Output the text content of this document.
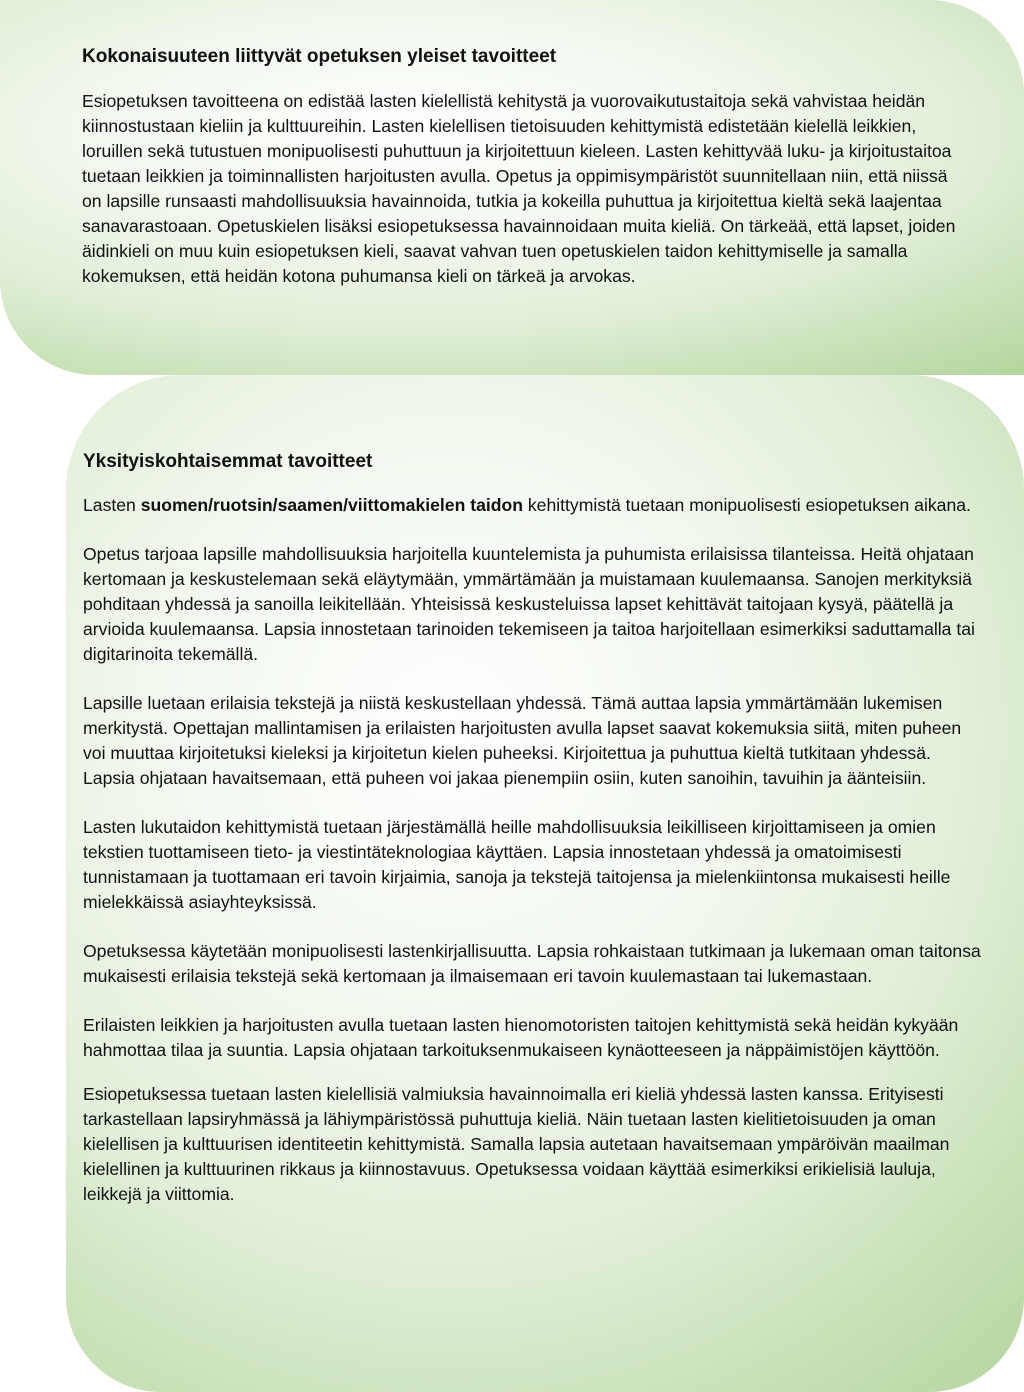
Kokonaisuuteen liittyvät opetuksen yleiset tavoitteet

Esiopetuksen tavoitteena on edistää lasten kielellistä kehitystä ja vuorovaikutustaitoja sekä vahvistaa heidän kiinnostustaan kieliin ja kulttuureihin. Lasten kielellisen tietoisuuden kehittymistä edistetään kielellä leikkien, loruillen sekä tutustuen monipuolisesti puhuttuun ja kirjoitettuun kieleen. Lasten kehittyvää luku- ja kirjoitustaitoa tuetaan leikkien ja toiminnallisten harjoitusten avulla. Opetus ja oppimisympäristöt suunnitellaan niin, että niissä on lapsille runsaasti mahdollisuuksia havainnoida, tutkia ja kokeilla puhuttua ja kirjoitettua kieltä sekä laajentaa sanavarastoaan. Opetuskielen lisäksi esiopetuksessa havainnoidaan muita kieliä. On tärkeää, että lapset, joiden äidinkieli on muu kuin esiopetuksen kieli, saavat vahvan tuen opetuskielen taidon kehittymiselle ja samalla kokemuksen, että heidän kotona puhumansa kieli on tärkeä ja arvokas.

Yksityiskohtaisemmat tavoitteet

Lasten suomen/ruotsin/saamen/viittomakielen taidon kehittymistä tuetaan monipuolisesti esiopetuksen aikana.

Opetus tarjoaa lapsille mahdollisuuksia harjoitella kuuntelemista ja puhumista erilaisissa tilanteissa. Heitä ohjataan kertomaan ja keskustelemaan sekä eläytymään, ymmärtämään ja muistamaan kuulemaansa. Sanojen merkityksiä pohditaan yhdessä ja sanoilla leikitellään. Yhteisissä keskusteluissa lapset kehittävät taitojaan kysyä, päätellä ja arvioida kuulemaansa. Lapsia innostetaan tarinoiden tekemiseen ja taitoa harjoitellaan esimerkiksi saduttamalla tai digitarinoita tekemällä.

Lapsille luetaan erilaisia tekstejä ja niistä keskustellaan yhdessä. Tämä auttaa lapsia ymmärtämään lukemisen merkitystä. Opettajan mallintamisen ja erilaisten harjoitusten avulla lapset saavat kokemuksia siitä, miten puheen voi muuttaa kirjoitetuksi kieleksi ja kirjoitetun kielen puheeksi. Kirjoitettua ja puhuttua kieltä tutkitaan yhdessä. Lapsia ohjataan havaitsemaan, että puheen voi jakaa pienempiin osiin, kuten sanoihin, tavuihin ja äänteisiin.

Lasten lukutaidon kehittymistä tuetaan järjestämällä heille mahdollisuuksia leikilliseen kirjoittamiseen ja omien tekstien tuottamiseen tieto- ja viestintäteknologiaa käyttäen. Lapsia innostetaan yhdessä ja omatoimisesti tunnistamaan ja tuottamaan eri tavoin kirjaimia, sanoja ja tekstejä taitojensa ja mielenkiintonsa mukaisesti heille mielekkäissä asiayhteyksissä.

Opetuksessa käytetään monipuolisesti lastenkirjallisuutta. Lapsia rohkaistaan tutkimaan ja lukemaan oman taitonsa mukaisesti erilaisia tekstejä sekä kertomaan ja ilmaisemaan eri tavoin kuulemastaan tai lukemastaan.

Erilaisten leikkien ja harjoitusten avulla tuetaan lasten hienomotoristen taitojen kehittymistä sekä heidän kykyään hahmottaa tilaa ja suuntia. Lapsia ohjataan tarkoituksenmukaiseen kynäotteeseen ja näppäimistöjen käyttöön.

Esiopetuksessa tuetaan lasten kielellisiä valmiuksia havainnoimalla eri kieliä yhdessä lasten kanssa. Erityisesti tarkastellaan lapsiryhmässä ja lähiympäristössä puhuttuja kieliä. Näin tuetaan lasten kielitietoisuuden ja oman kielellisen ja kulttuurisen identiteetin kehittymistä. Samalla lapsia autetaan havaitsemaan ympäröivän maailman kielellinen ja kulttuurinen rikkaus ja kiinnostavuus. Opetuksessa voidaan käyttää esimerkiksi erikielisiä lauluja, leikkejä ja viittomia.
